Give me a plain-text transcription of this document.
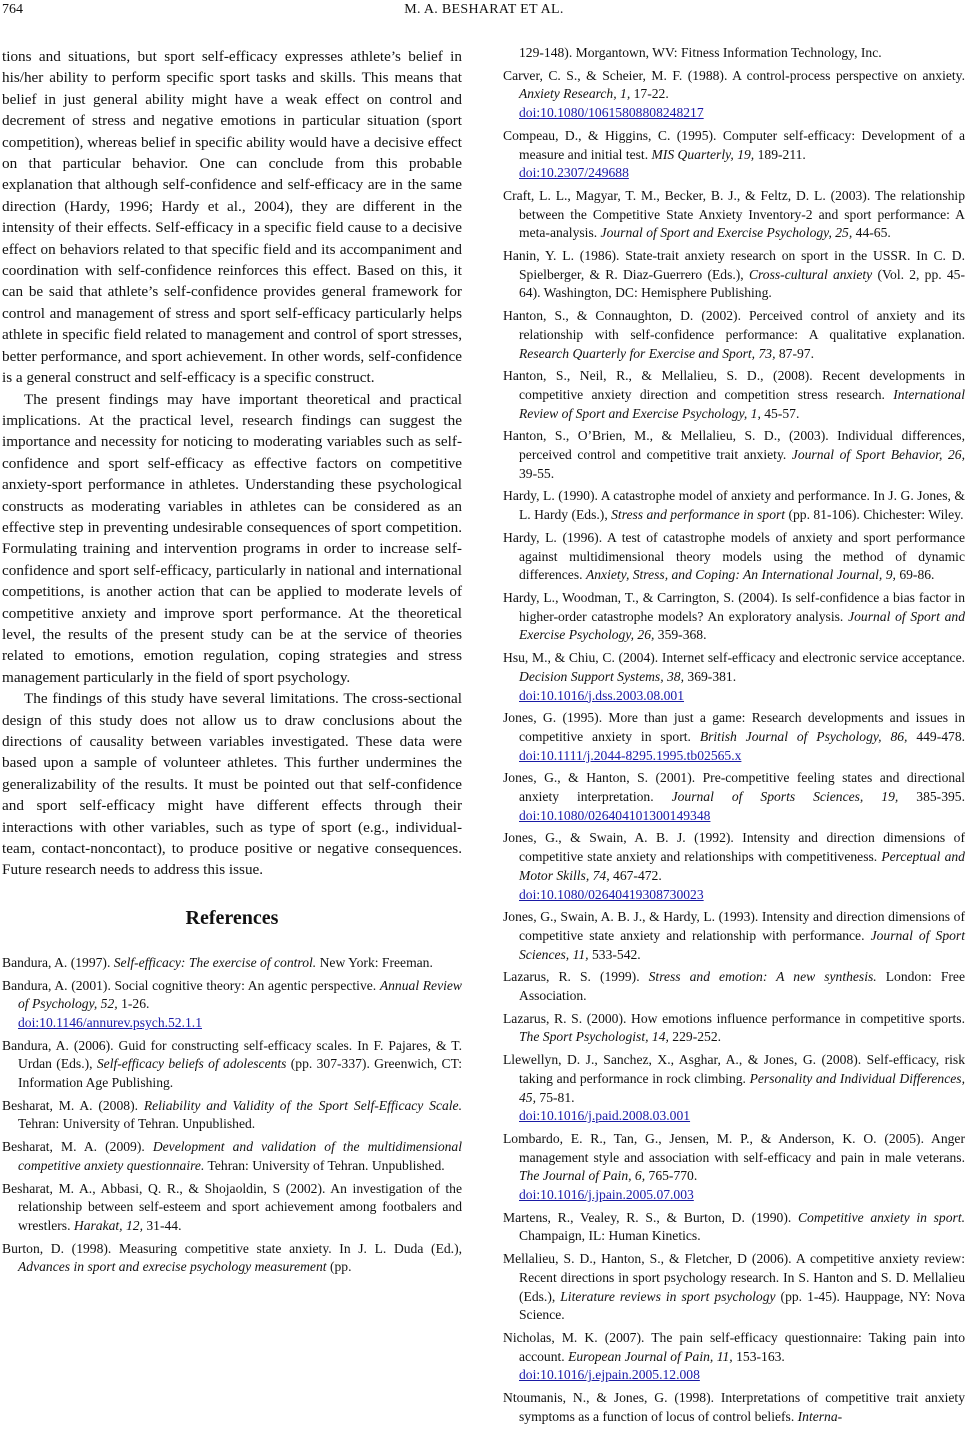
764	M. A. BESHARAT ET AL.

tions and situations, but sport self-efficacy expresses athlete’s belief in his/her ability to perform specific sport tasks and skills. This means that belief in just general ability might have a weak effect on control and decrement of stress and negative emotions in particular situation (sport competition), whereas belief in specific ability would have a decisive effect on that particular behavior. One can conclude from this probable explanation that although self-confidence and self-efficacy are in the same direction (Hardy, 1996; Hardy et al., 2004), they are different in the intensity of their effects. Self-efficacy in a specific field cause to a decisive effect on behaviors related to that specific field and its accompaniment and coordination with self-confidence reinforces this effect. Based on this, it can be said that athlete’s self-confidence provides general framework for control and management of stress and sport self-efficacy particularly helps athlete in specific field related to management and control of sport stresses, better performance, and sport achievement. In other words, self-confidence is a general construct and self-efficacy is a specific construct.

The present findings may have important theoretical and practical implications. At the practical level, research findings can suggest the importance and necessity for noticing to moderating variables such as self-confidence and sport self-efficacy as effective factors on competitive anxiety-sport performance in athletes. Understanding these psychological constructs as moderating variables in athletes can be considered as an effective step in preventing undesirable consequences of sport competition. Formulating training and intervention programs in order to increase self-confidence and sport self-efficacy, particularly in national and international competitions, is another action that can be applied to moderate levels of competitive anxiety and improve sport performance. At the theoretical level, the results of the present study can be at the service of theories related to emotions, emotion regulation, coping strategies and stress management particularly in the field of sport psychology.

The findings of this study have several limitations. The cross-sectional design of this study does not allow us to draw conclusions about the directions of causality between variables investigated. These data were based upon a sample of volunteer athletes. This further undermines the generalizability of the results. It must be pointed out that self-confidence and sport self-efficacy might have different effects through their interactions with other variables, such as type of sport (e.g., individual-team, contact-noncontact), to produce positive or negative consequences. Future research needs to address this issue.

References

Bandura, A. (1997). Self-efficacy: The exercise of control. New York: Freeman.

Bandura, A. (2001). Social cognitive theory: An agentic perspective. Annual Review of Psychology, 52, 1-26.
doi:10.1146/annurev.psych.52.1.1

Bandura, A. (2006). Guid for constructing self-efficacy scales. In F. Pajares, & T. Urdan (Eds.), Self-efficacy beliefs of adolescents (pp. 307-337). Greenwich, CT: Information Age Publishing.

Besharat, M. A. (2008). Reliability and Validity of the Sport Self-Efficacy Scale. Tehran: University of Tehran. Unpublished.

Besharat, M. A. (2009). Development and validation of the multidimensional competitive anxiety questionnaire. Tehran: University of Tehran. Unpublished.

Besharat, M. A., Abbasi, Q. R., & Shojaoldin, S (2002). An investigation of the relationship between self-esteem and sport achievement among footbalers and wrestlers. Harakat, 12, 31-44.

Burton, D. (1998). Measuring competitive state anxiety. In J. L. Duda (Ed.), Advances in sport and exrecise psychology measurement (pp.

129-148). Morgantown, WV: Fitness Information Technology, Inc.

Carver, C. S., & Scheier, M. F. (1988). A control-process perspective on anxiety. Anxiety Research, 1, 17-22.
doi:10.1080/10615808808248217

Compeau, D., & Higgins, C. (1995). Computer self-efficacy: Development of a measure and initial test. MIS Quarterly, 19, 189-211.
doi:10.2307/249688

Craft, L. L., Magyar, T. M., Becker, B. J., & Feltz, D. L. (2003). The relationship between the Competitive State Anxiety Inventory-2 and sport performance: A meta-analysis. Journal of Sport and Exercise Psychology, 25, 44-65.

Hanin, Y. L. (1986). State-trait anxiety research on sport in the USSR. In C. D. Spielberger, & R. Diaz-Guerrero (Eds.), Cross-cultural anxiety (Vol. 2, pp. 45-64). Washington, DC: Hemisphere Publishing.

Hanton, S., & Connaughton, D. (2002). Perceived control of anxiety and its relationship with self-confidence performance: A qualitative explanation. Research Quarterly for Exercise and Sport, 73, 87-97.

Hanton, S., Neil, R., & Mellalieu, S. D., (2008). Recent developments in competitive anxiety direction and competition stress research. International Review of Sport and Exercise Psychology, 1, 45-57.

Hanton, S., O’Brien, M., & Mellalieu, S. D., (2003). Individual differences, perceived control and competitive trait anxiety. Journal of Sport Behavior, 26, 39-55.

Hardy, L. (1990). A catastrophe model of anxiety and performance. In J. G. Jones, & L. Hardy (Eds.), Stress and performance in sport (pp. 81-106). Chichester: Wiley.

Hardy, L. (1996). A test of catastrophe models of anxiety and sport performance against multidimensional theory models using the method of dynamic differences. Anxiety, Stress, and Coping: An International Journal, 9, 69-86.

Hardy, L., Woodman, T., & Carrington, S. (2004). Is self-confidence a bias factor in higher-order catastrophe models? An exploratory analysis. Journal of Sport and Exercise Psychology, 26, 359-368.

Hsu, M., & Chiu, C. (2004). Internet self-efficacy and electronic service acceptance. Decision Support Systems, 38, 369-381.
doi:10.1016/j.dss.2003.08.001

Jones, G. (1995). More than just a game: Research developments and issues in competitive anxiety in sport. British Journal of Psychology, 86, 449-478. doi:10.1111/j.2044-8295.1995.tb02565.x

Jones, G., & Hanton, S. (2001). Pre-competitive feeling states and directional anxiety interpretation. Journal of Sports Sciences, 19, 385-395. doi:10.1080/026404101300149348

Jones, G., & Swain, A. B. J. (1992). Intensity and direction dimensions of competitive state anxiety and relationships with competitiveness. Perceptual and Motor Skills, 74, 467-472.
doi:10.1080/02640419308730023

Jones, G., Swain, A. B. J., & Hardy, L. (1993). Intensity and direction dimensions of competitive state anxiety and relationship with performance. Journal of Sport Sciences, 11, 533-542.

Lazarus, R. S. (1999). Stress and emotion: A new synthesis. London: Free Association.

Lazarus, R. S. (2000). How emotions influence performance in competitive sports. The Sport Psychologist, 14, 229-252.

Llewellyn, D. J., Sanchez, X., Asghar, A., & Jones, G. (2008). Self-efficacy, risk taking and performance in rock climbing. Personality and Individual Differences, 45, 75-81.
doi:10.1016/j.paid.2008.03.001

Lombardo, E. R., Tan, G., Jensen, M. P., & Anderson, K. O. (2005). Anger management style and association with self-efficacy and pain in male veterans. The Journal of Pain, 6, 765-770.
doi:10.1016/j.jpain.2005.07.003

Martens, R., Vealey, R. S., & Burton, D. (1990). Competitive anxiety in sport. Champaign, IL: Human Kinetics.

Mellalieu, S. D., Hanton, S., & Fletcher, D (2006). A competitive anxiety review: Recent directions in sport psychology research. In S. Hanton and S. D. Mellalieu (Eds.), Literature reviews in sport psychology (pp. 1-45). Hauppage, NY: Nova Science.

Nicholas, M. K. (2007). The pain self-efficacy questionnaire: Taking pain into account. European Journal of Pain, 11, 153-163.
doi:10.1016/j.ejpain.2005.12.008

Ntoumanis, N., & Jones, G. (1998). Interpretations of competitive trait anxiety symptoms as a function of locus of control beliefs. Interna-
